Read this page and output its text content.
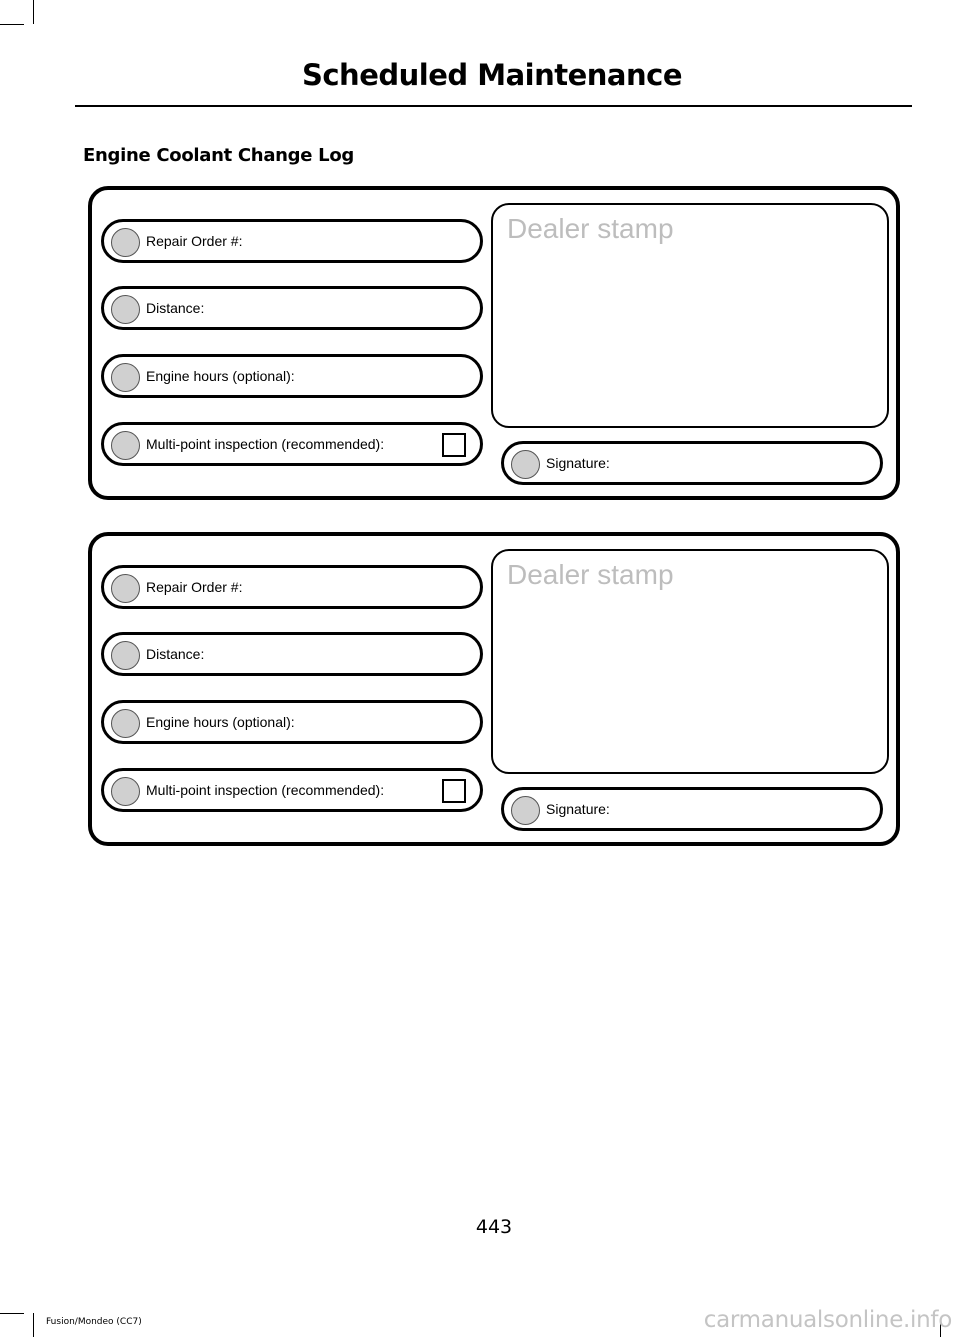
Scheduled Maintenance
Engine Coolant Change Log
Repair Order #:
Distance:
Engine hours (optional):
Multi-point inspection (recommended):
Dealer stamp
Signature:
Repair Order #:
Distance:
Engine hours (optional):
Multi-point inspection (recommended):
Dealer stamp
Signature:
443
Fusion/Mondeo (CC7)	carmanualsonline.info
